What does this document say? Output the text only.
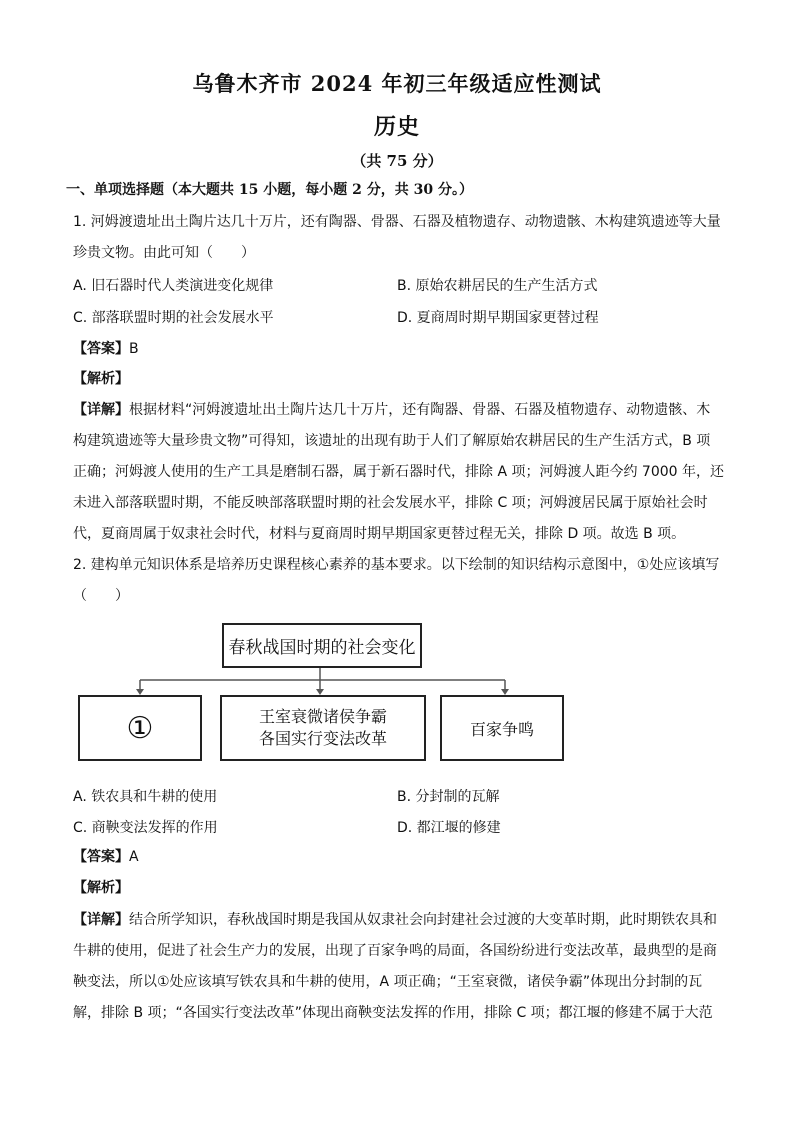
乌鲁木齐市 2024 年初三年级适应性测试
历史
（共 75 分）
一、单项选择题（本大题共 15 小题，每小题 2 分，共 30 分。）
1. 河姆渡遗址出土陶片达几十万片，还有陶器、骨器、石器及植物遗存、动物遗骸、木构建筑遗迹等大量
珍贵文物。由此可知（　　）
A. 旧石器时代人类演进变化规律	B. 原始农耕居民的生产生活方式
C. 部落联盟时期的社会发展水平	D. 夏商周时期早期国家更替过程
【答案】B
【解析】
【详解】根据材料“河姆渡遗址出土陶片达几十万片，还有陶器、骨器、石器及植物遗存、动物遗骸、木
构建筑遗迹等大量珍贵文物”可得知，该遗址的出现有助于人们了解原始农耕居民的生产生活方式，B 项
正确；河姆渡人使用的生产工具是磨制石器，属于新石器时代，排除 A 项；河姆渡人距今约 7000 年，还
未进入部落联盟时期，不能反映部落联盟时期的社会发展水平，排除 C 项；河姆渡居民属于原始社会时
代，夏商周属于奴隶社会时代，材料与夏商周时期早期国家更替过程无关，排除 D 项。故选 B 项。
2. 建构单元知识体系是培养历史课程核心素养的基本要求。以下绘制的知识结构示意图中，①处应该填写
（　　）
春秋战国时期的社会变化
①	王室衰微诸侯争霸
各国实行变法改革	百家争鸣
A. 铁农具和牛耕的使用	B. 分封制的瓦解
C. 商鞅变法发挥的作用	D. 都江堰的修建
【答案】A
【解析】
【详解】结合所学知识，春秋战国时期是我国从奴隶社会向封建社会过渡的大变革时期，此时期铁农具和
牛耕的使用，促进了社会生产力的发展，出现了百家争鸣的局面，各国纷纷进行变法改革，最典型的是商
鞅变法，所以①处应该填写铁农具和牛耕的使用，A 项正确；“王室衰微，诸侯争霸”体现出分封制的瓦
解，排除 B 项；“各国实行变法改革”体现出商鞅变法发挥的作用，排除 C 项；都江堰的修建不属于大范
